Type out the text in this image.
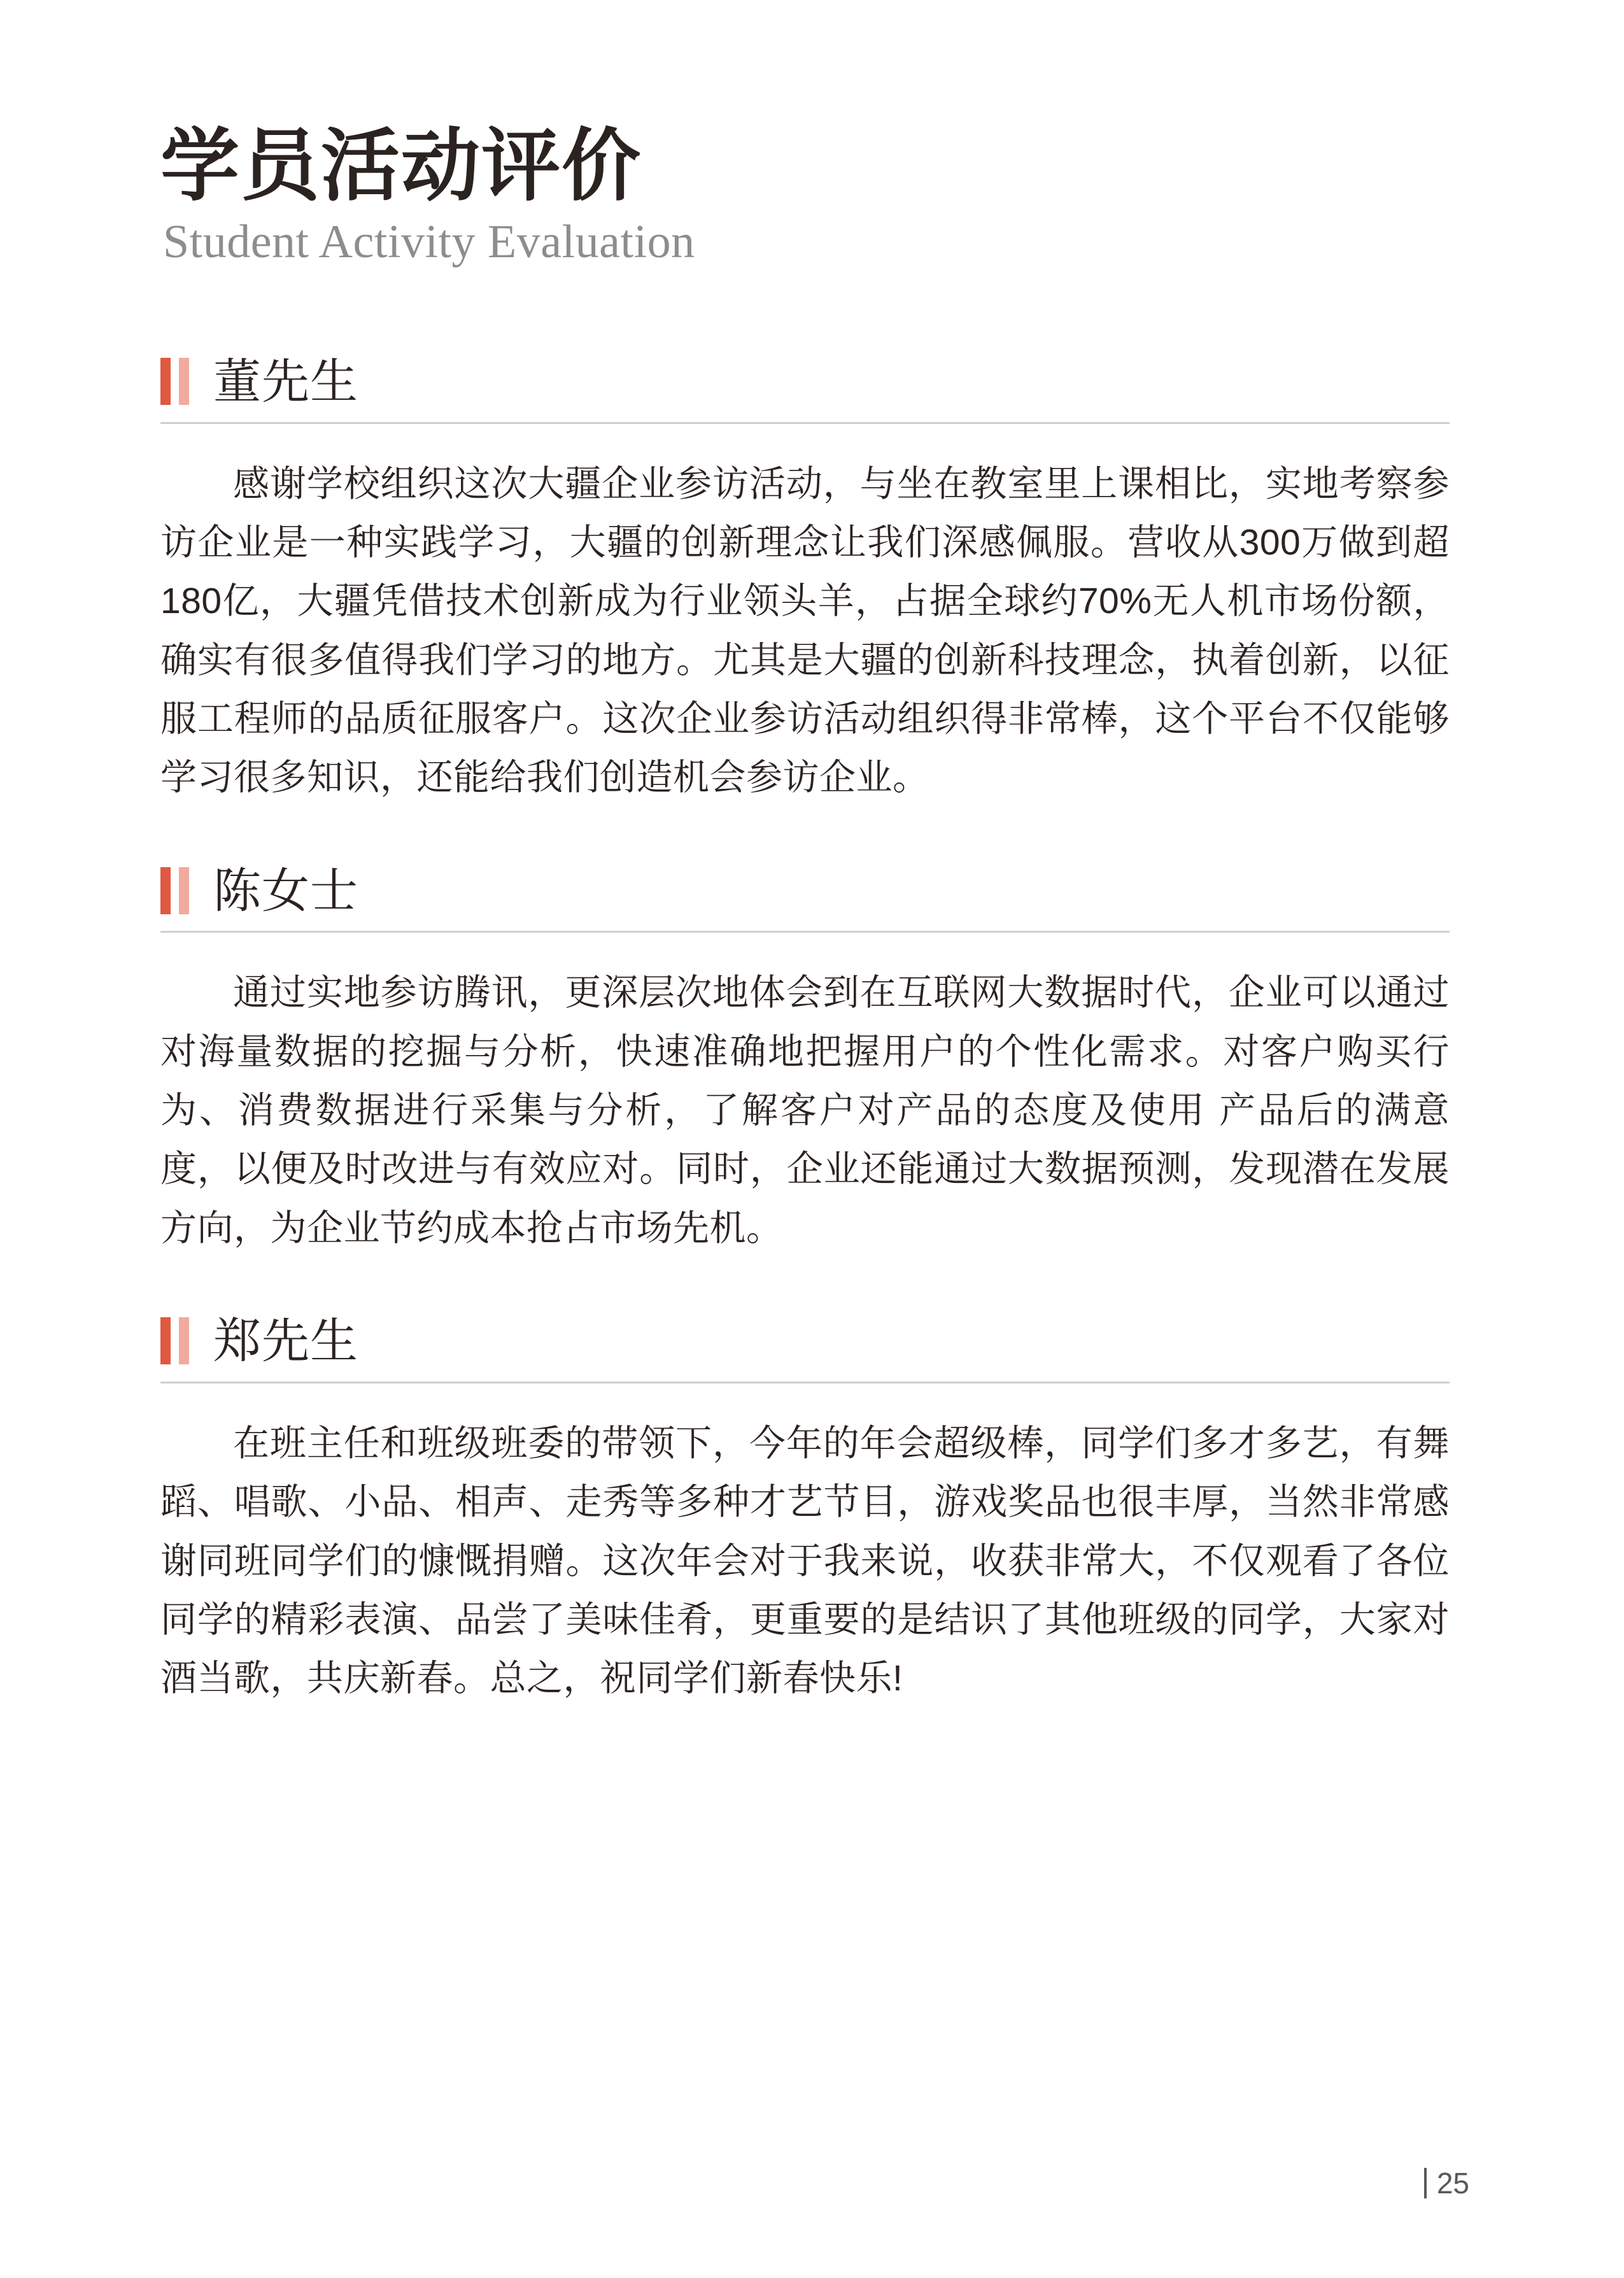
学员活动评价
Student Activity Evaluation
董先生

感谢学校组织这次大疆企业参访活动，与坐在教室里上课相比，实地考察参访企业是一种实践学习，大疆的创新理念让我们深感佩服。营收从300万做到超180亿，大疆凭借技术创新成为行业领头羊，占据全球约70%无人机市场份额，确实有很多值得我们学习的地方。尤其是大疆的创新科技理念，执着创新，以征服工程师的品质征服客户。这次企业参访活动组织得非常棒，这个平台不仅能够学习很多知识，还能给我们创造机会参访企业。

陈女士

通过实地参访腾讯，更深层次地体会到在互联网大数据时代，企业可以通过对海量数据的挖掘与分析，快速准确地把握用户的个性化需求。对客户购买行为、消费数据进行采集与分析，了解客户对产品的态度及使用 产品后的满意度，以便及时改进与有效应对。同时，企业还能通过大数据预测，发现潜在发展方向，为企业节约成本抢占市场先机。

郑先生

在班主任和班级班委的带领下，今年的年会超级棒，同学们多才多艺，有舞蹈、唱歌、小品、相声、走秀等多种才艺节目，游戏奖品也很丰厚，当然非常感谢同班同学们的慷慨捐赠。这次年会对于我来说，收获非常大，不仅观看了各位同学的精彩表演、品尝了美味佳肴，更重要的是结识了其他班级的同学，大家对酒当歌，共庆新春。总之，祝同学们新春快乐!

25
